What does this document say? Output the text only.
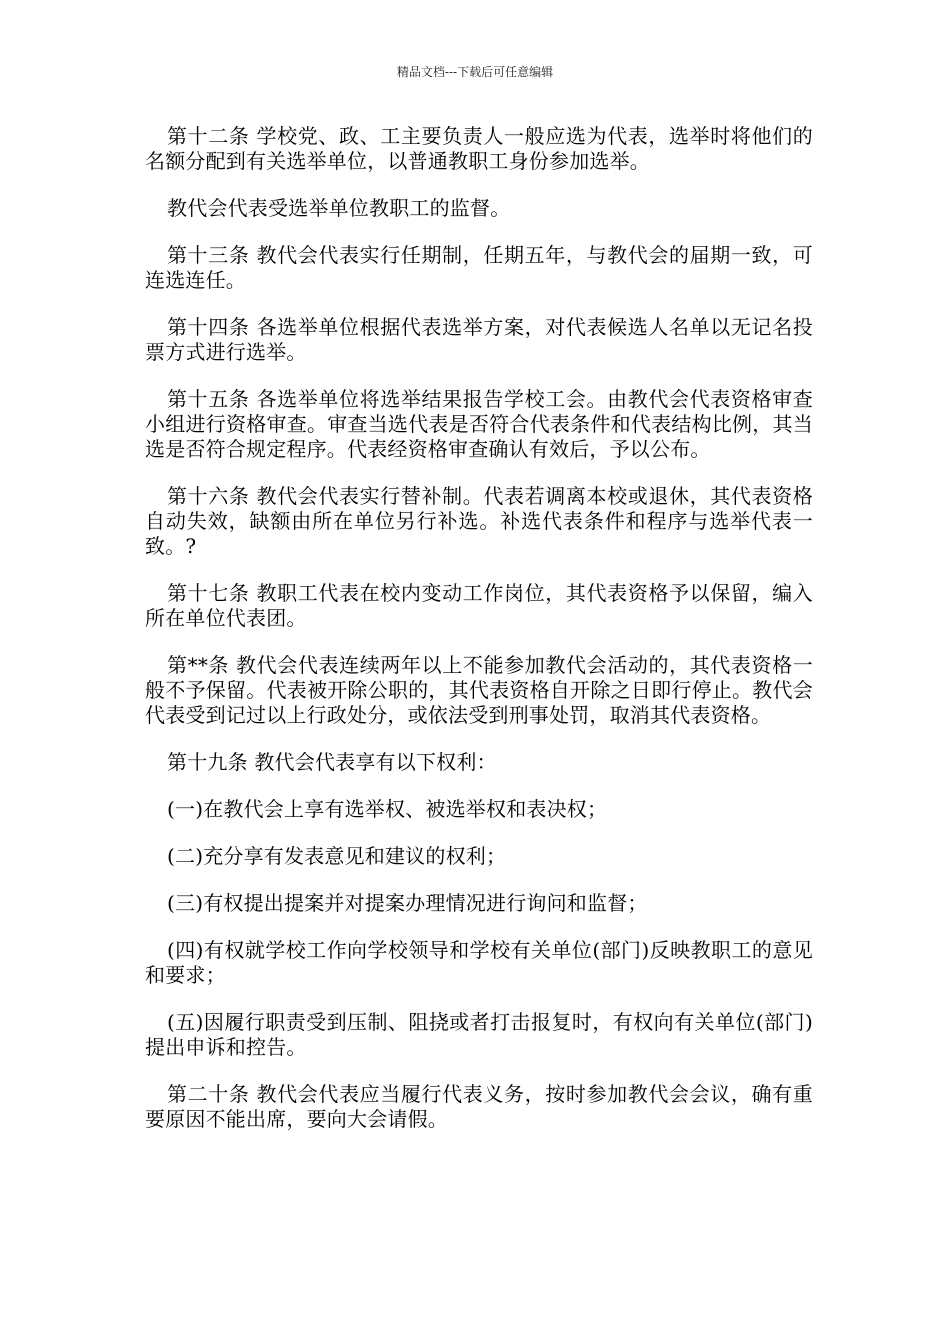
精品文档---下载后可任意编辑

第十二条 学校党、政、工主要负责人一般应选为代表，选举时将他们的名额分配到有关选举单位，以普通教职工身份参加选举。

教代会代表受选举单位教职工的监督。

第十三条 教代会代表实行任期制，任期五年，与教代会的届期一致，可连选连任。

第十四条 各选举单位根据代表选举方案，对代表候选人名单以无记名投票方式进行选举。

第十五条 各选举单位将选举结果报告学校工会。由教代会代表资格审查小组进行资格审查。审查当选代表是否符合代表条件和代表结构比例，其当选是否符合规定程序。代表经资格审查确认有效后，予以公布。

第十六条 教代会代表实行替补制。代表若调离本校或退休，其代表资格自动失效，缺额由所在单位另行补选。补选代表条件和程序与选举代表一致。?

第十七条 教职工代表在校内变动工作岗位，其代表资格予以保留，编入所在单位代表团。

第**条 教代会代表连续两年以上不能参加教代会活动的，其代表资格一般不予保留。代表被开除公职的，其代表资格自开除之日即行停止。教代会代表受到记过以上行政处分，或依法受到刑事处罚，取消其代表资格。

第十九条 教代会代表享有以下权利：

(一)在教代会上享有选举权、被选举权和表决权；

(二)充分享有发表意见和建议的权利；

(三)有权提出提案并对提案办理情况进行询问和监督；

(四)有权就学校工作向学校领导和学校有关单位(部门)反映教职工的意见和要求；

(五)因履行职责受到压制、阻挠或者打击报复时，有权向有关单位(部门)提出申诉和控告。

第二十条 教代会代表应当履行代表义务，按时参加教代会会议，确有重要原因不能出席，要向大会请假。
